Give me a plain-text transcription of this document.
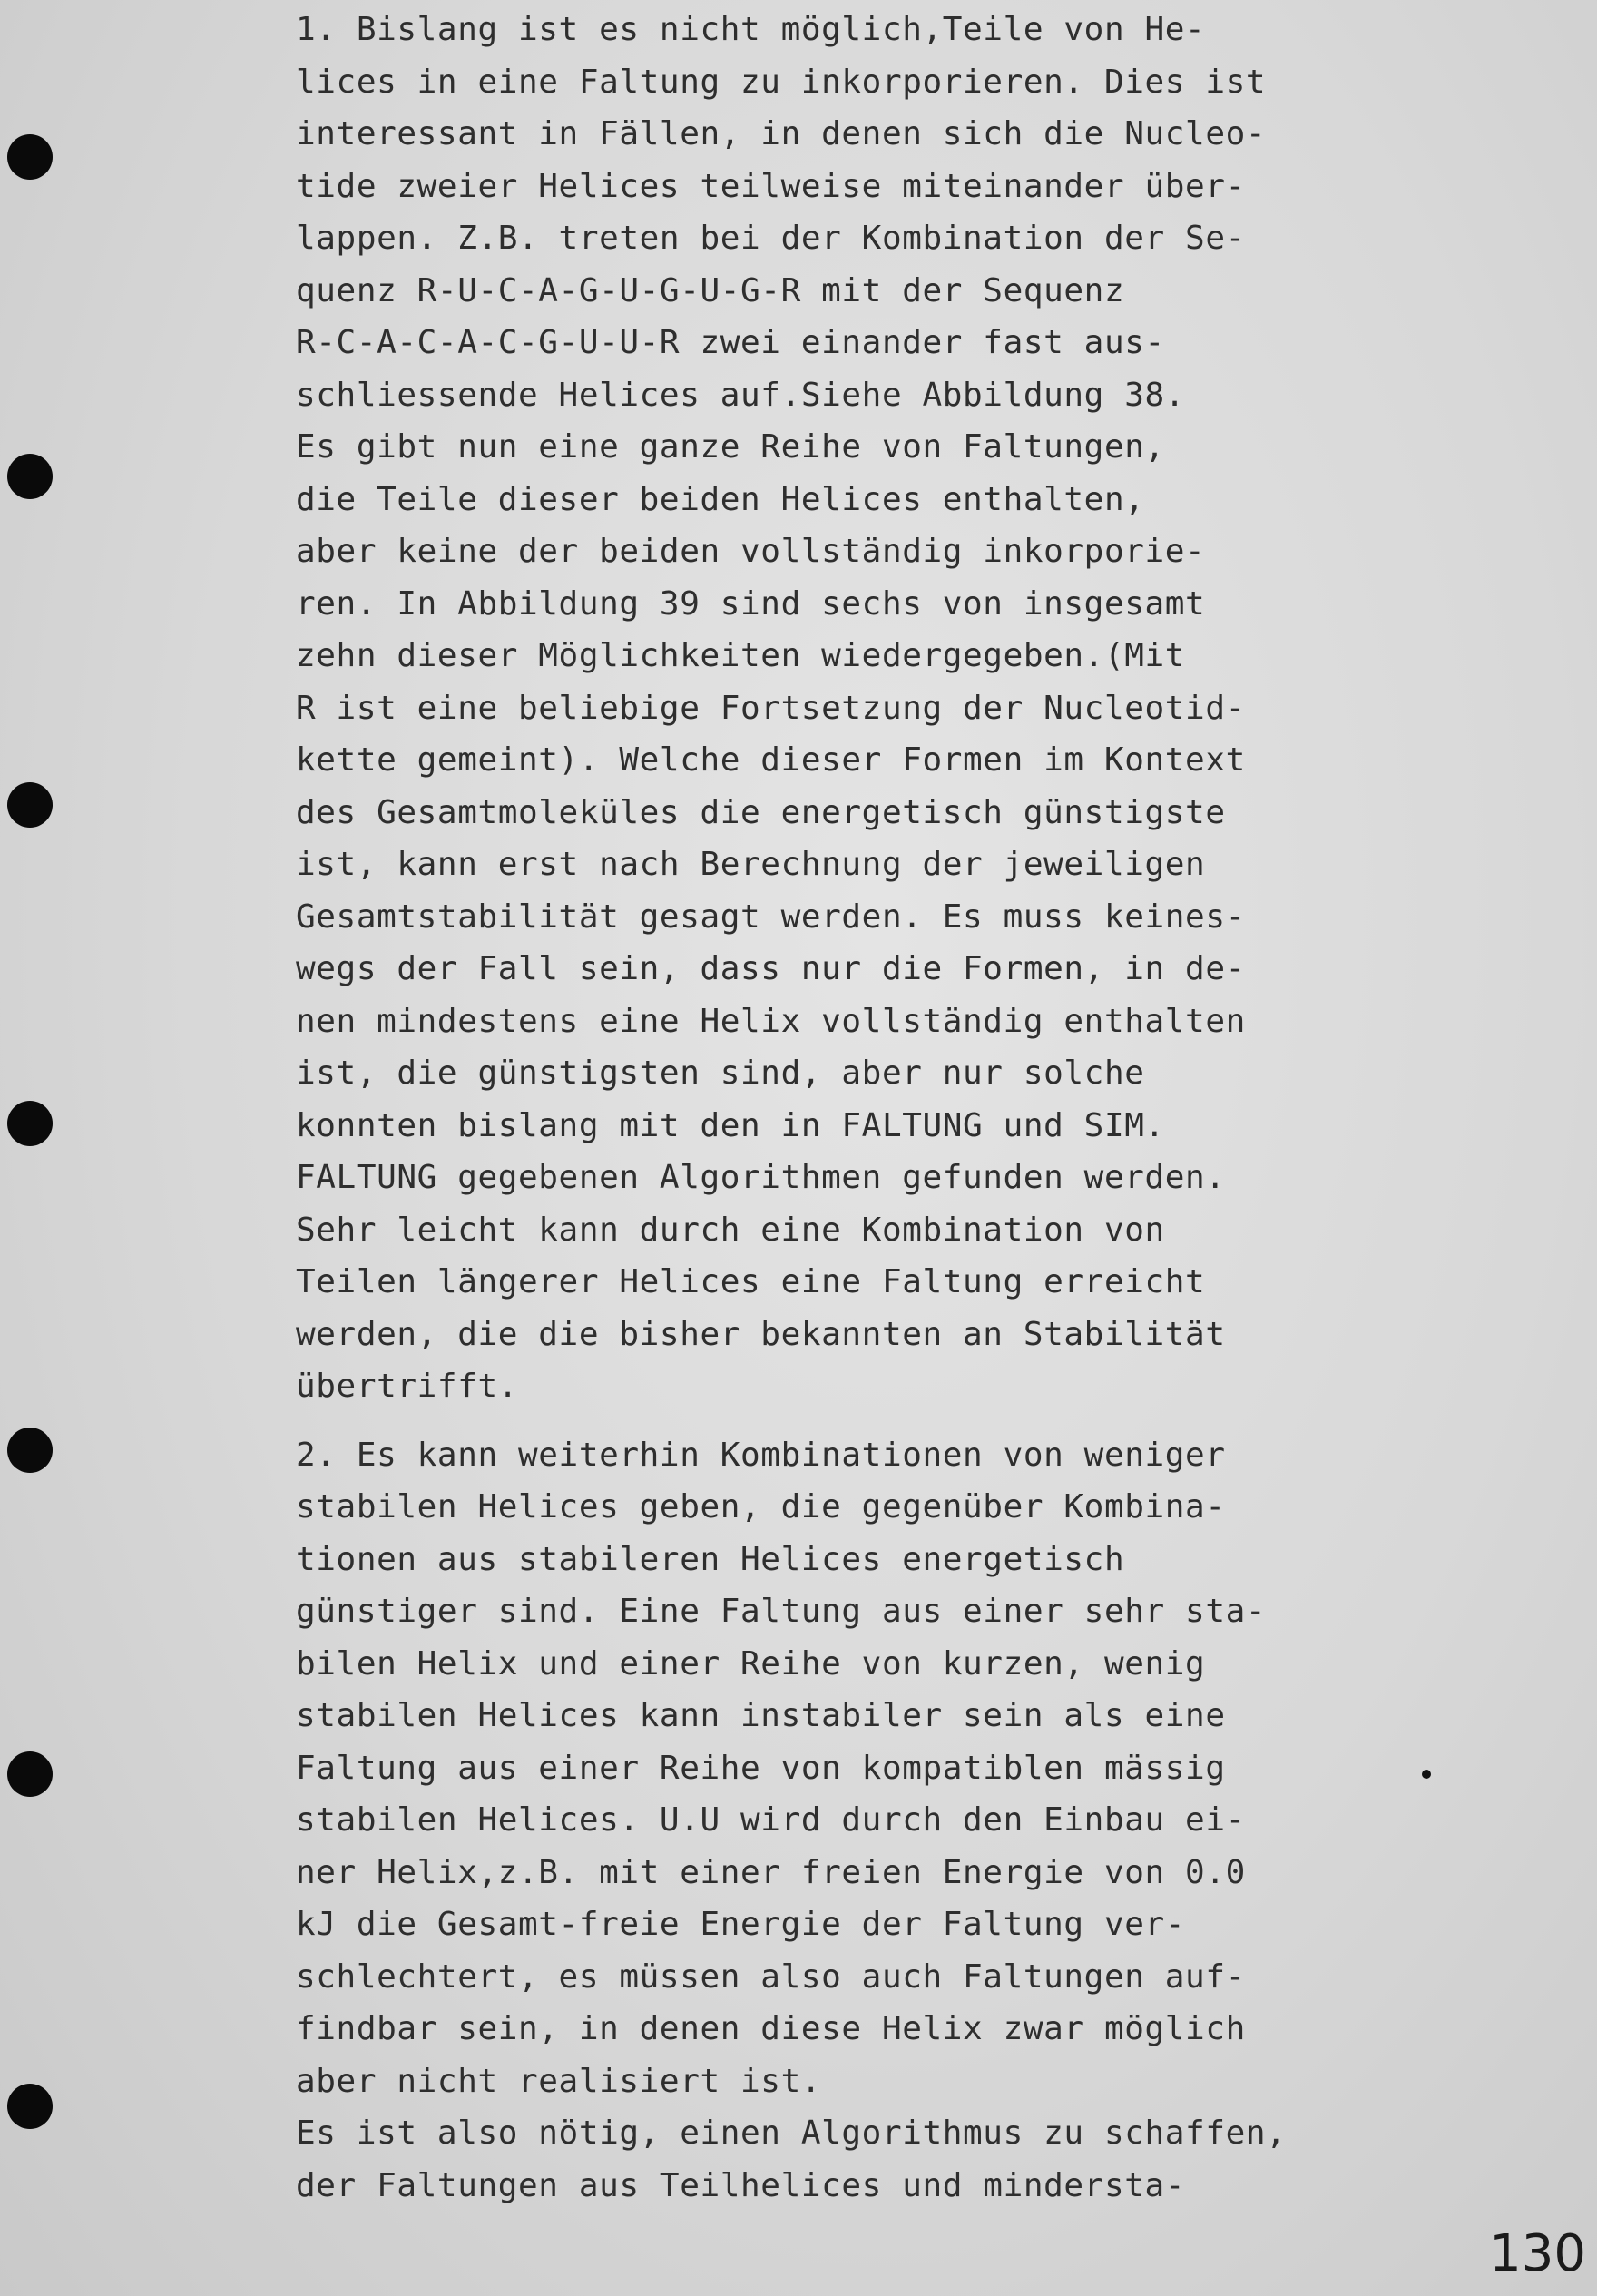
1. Bislang ist es nicht möglich,Teile von He-
lices in eine Faltung zu inkorporieren. Dies ist
interessant in Fällen, in denen sich die Nucleo-
tide zweier Helices teilweise miteinander über-
lappen. Z.B. treten bei der Kombination der Se-
quenz R-U-C-A-G-U-G-U-G-R mit der Sequenz
R-C-A-C-A-C-G-U-U-R zwei einander fast aus-
schliessende Helices auf.Siehe Abbildung 38.
Es gibt nun eine ganze Reihe von Faltungen,
die Teile dieser beiden Helices enthalten,
aber keine der beiden vollständig inkorporie-
ren. In Abbildung 39 sind sechs von insgesamt
zehn dieser Möglichkeiten wiedergegeben.(Mit
R ist eine beliebige Fortsetzung der Nucleotid-
kette gemeint). Welche dieser Formen im Kontext
des Gesamtmoleküles die energetisch günstigste
ist, kann erst nach Berechnung der jeweiligen
Gesamtstabilität gesagt werden. Es muss keines-
wegs der Fall sein, dass nur die Formen, in de-
nen mindestens eine Helix vollständig enthalten
ist, die günstigsten sind, aber nur solche
konnten bislang mit den in FALTUNG und SIM.
FALTUNG gegebenen Algorithmen gefunden werden.
Sehr leicht kann durch eine Kombination von
Teilen längerer Helices eine Faltung erreicht
werden, die die bisher bekannten an Stabilität
übertrifft.
2. Es kann weiterhin Kombinationen von weniger
stabilen Helices geben, die gegenüber Kombina-
tionen aus stabileren Helices energetisch
günstiger sind. Eine Faltung aus einer sehr sta-
bilen Helix und einer Reihe von kurzen, wenig
stabilen Helices kann instabiler sein als eine
Faltung aus einer Reihe von kompatiblen mässig
stabilen Helices. U.U wird durch den Einbau ei-
ner Helix,z.B. mit einer freien Energie von 0.0
kJ die Gesamt-freie Energie der Faltung ver-
schlechtert, es müssen also auch Faltungen auf-
findbar sein, in denen diese Helix zwar möglich
aber nicht realisiert ist.
Es ist also nötig, einen Algorithmus zu schaffen,
der Faltungen aus Teilhelices und mindersta-
130
